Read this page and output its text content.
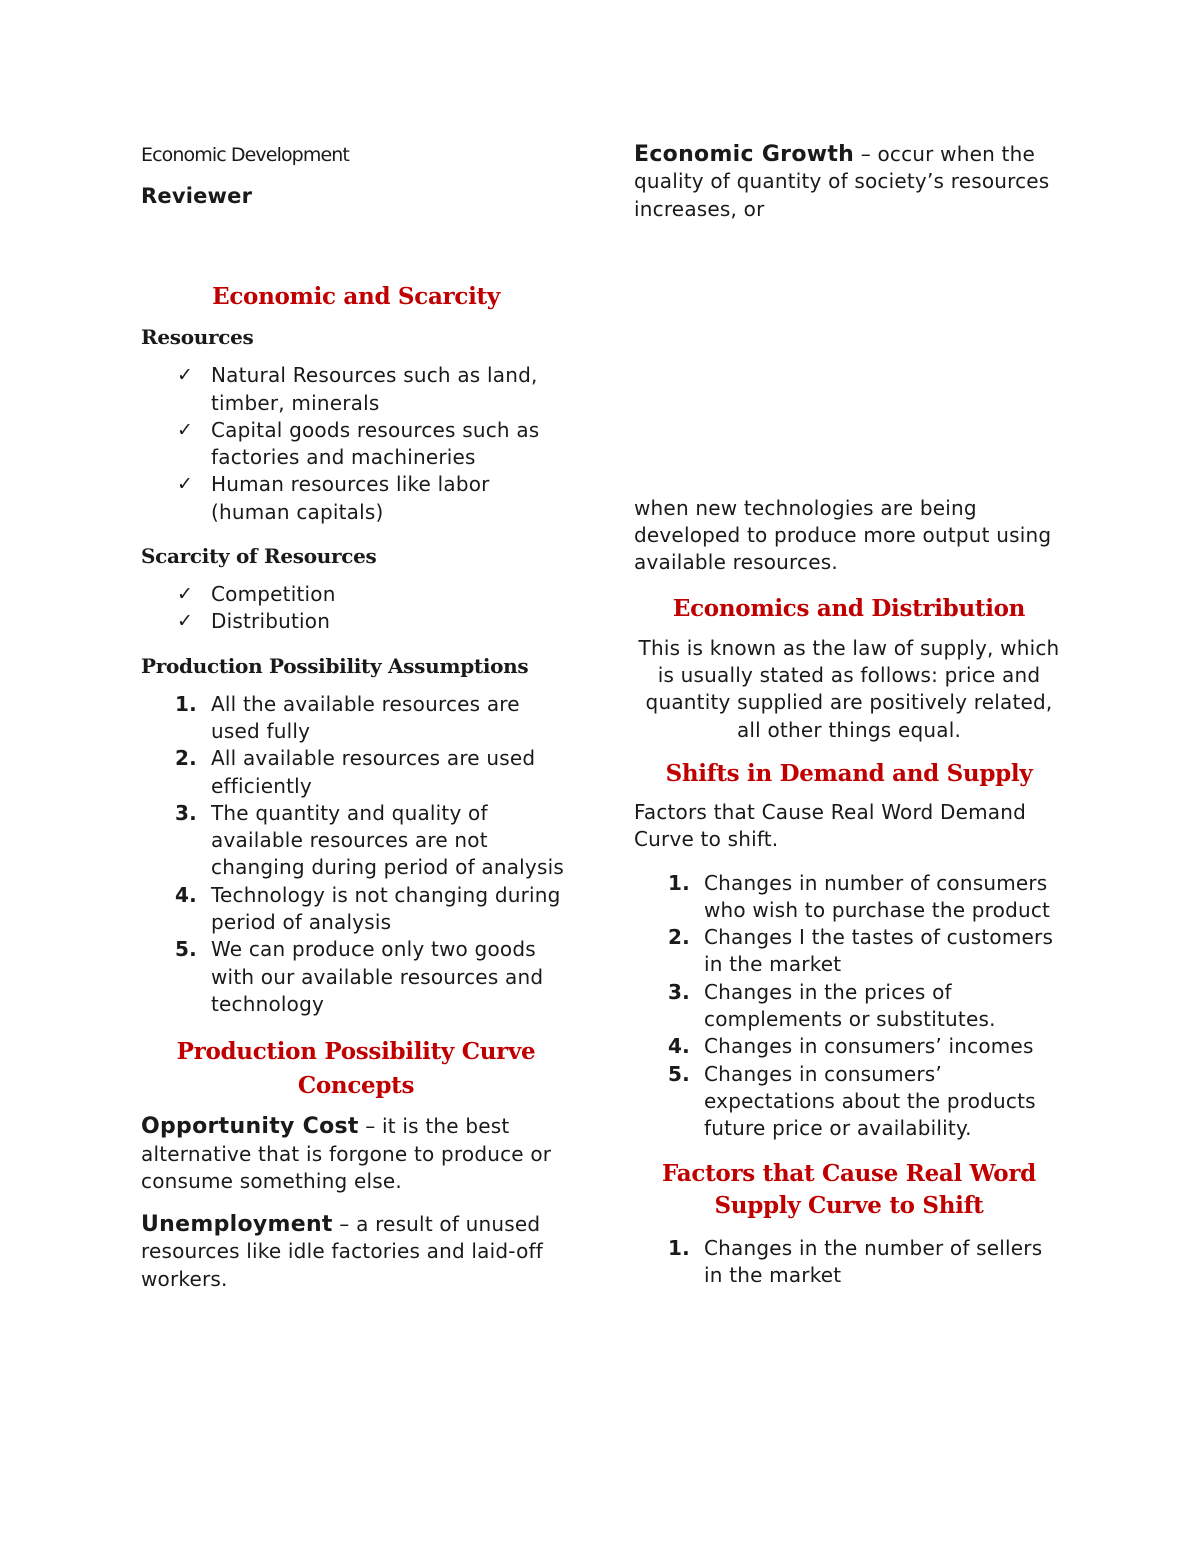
Economic Development

Reviewer

Economic and Scarcity

Resources

✓ Natural Resources such as land, timber, minerals
✓ Capital goods resources such as factories and machineries
✓ Human resources like labor (human capitals)

Scarcity of Resources

✓ Competition
✓ Distribution

Production Possibility Assumptions

1. All the available resources are used fully
2. All available resources are used efficiently
3. The quantity and quality of available resources are not changing during period of analysis
4. Technology is not changing during period of analysis
5. We can produce only two goods with our available resources and technology

Production Possibility Curve Concepts

Opportunity Cost – it is the best alternative that is forgone to produce or consume something else.

Unemployment – a result of unused resources like idle factories and laid-off workers.

Economic Growth – occur when the quality of quantity of society’s resources increases, or

when new technologies are being developed to produce more output using available resources.

Economics and Distribution

This is known as the law of supply, which is usually stated as follows: price and quantity supplied are positively related, all other things equal.

Shifts in Demand and Supply

Factors that Cause Real Word Demand Curve to shift.

1. Changes in number of consumers who wish to purchase the product
2. Changes I the tastes of customers in the market
3. Changes in the prices of complements or substitutes.
4. Changes in consumers’ incomes
5. Changes in consumers’ expectations about the products future price or availability.

Factors that Cause Real Word Supply Curve to Shift

1. Changes in the number of sellers in the market
